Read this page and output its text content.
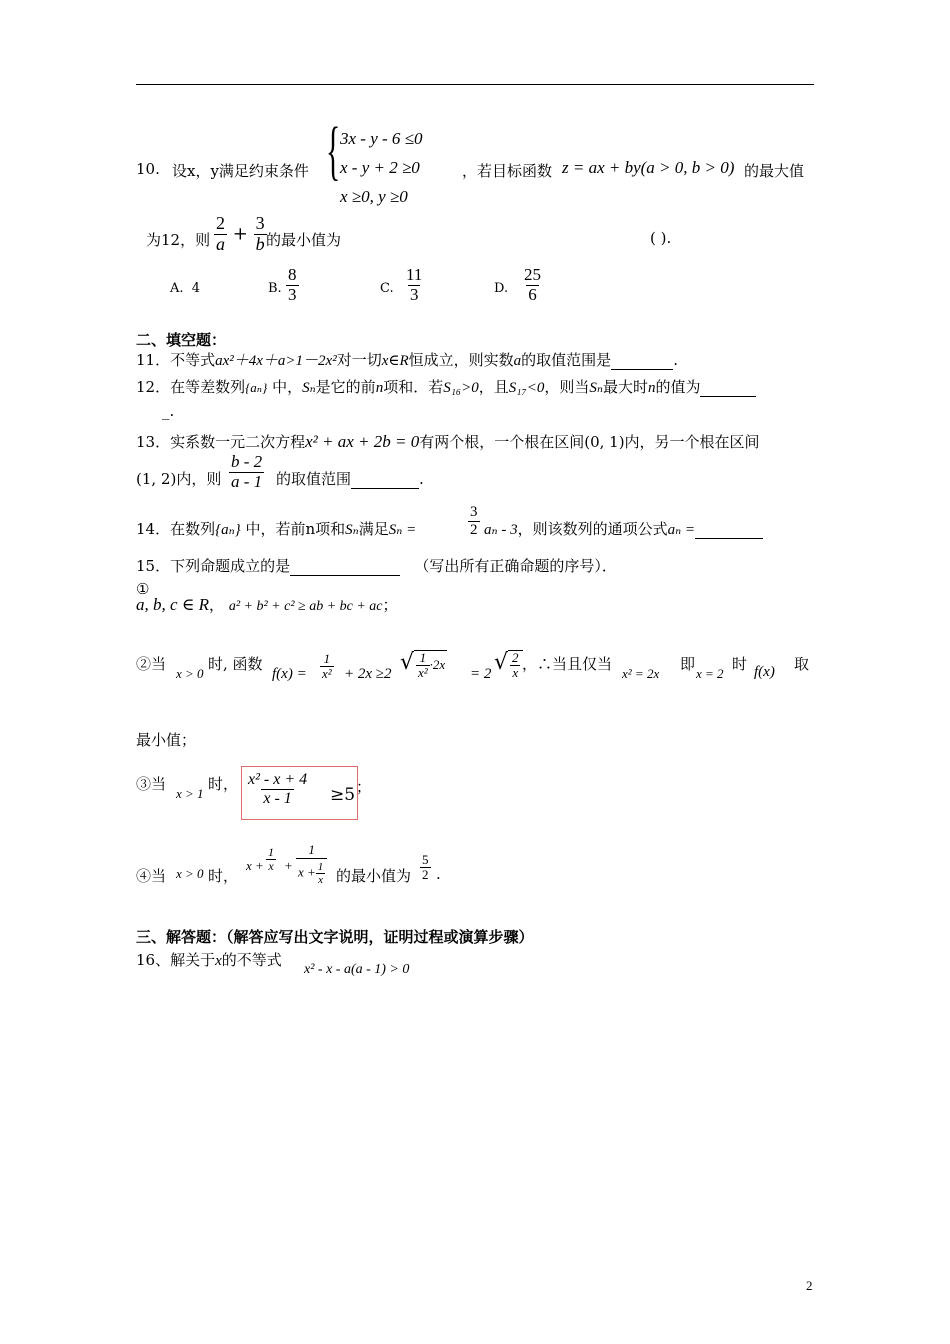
10. 设x，y满足约束条件 { 3x - y - 6 ≤0
x - y + 2 ≥0
x ≥0, y ≥0
，若目标函数 z = ax + by(a > 0, b > 0) 的最大值
为12，则 $\frac{2}{a} + \frac{3}{b}$ 的最小值为	( ).
A. 4	B. $\frac{8}{3}$	C. $\frac{11}{3}$	D. $\frac{25}{6}$
二、填空题：
11．不等式ax²＋4x＋a>1－2x²对一切x∈R恒成立，则实数a的取值范围是	.
12．在等差数列{aₙ} 中，Sₙ是它的前n项和．若S₁₆>0，且S₁₇<0，则当Sₙ最大时n的值为
_.
13．实系数一元二次方程x² + ax + 2b = 0有两个根，一个根在区间(0, 1)内，另一个根在区间
(1, 2)内，则 $\frac{b - 2}{a - 1}$ 的取值范围	.
14．在数列{aₙ} 中，若前n项和Sₙ满足Sₙ =	$\frac{3}{2}$ aₙ - 3，则该数列的通项公式aₙ =
15．下列命题成立的是	（写出所有正确命题的序号）．
①
a, b, c ∈ R， a² + b² + c² ≥ ab + bc + ac；
②当
x > 0
时, 函数
$f(x) = \frac{1}{\text{x²}} + 2x \ge 2$ √ $\frac{1}{\text{x²}} \cdot 2x$
= 2 √ $\frac{2}{x}$ ，∴当且仅当
x² = 2x
即
x = 2
时 f(x) 取
最小值；
③当
x > 1
时， $\frac{\text{x² - x + 4}}{x - 1} \ge 5$ ；
④当 x > 0 时，
$x + \frac{1}{x}$ +
1
$x + \frac{1}{x}$ 的最小值为 $\frac{5}{2}$ .
三、解答题：（解答应写出文字说明，证明过程或演算步骤）
16、解关于x的不等式
x² - x - a(a - 1) > 0
2
